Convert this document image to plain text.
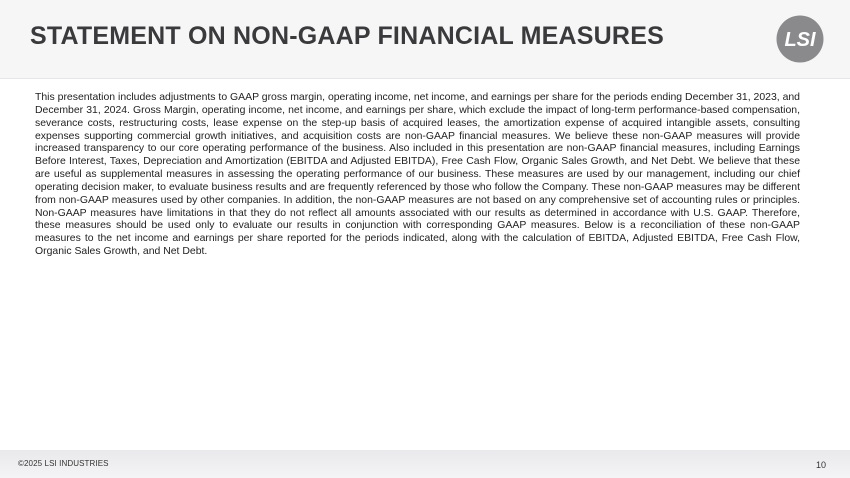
STATEMENT ON NON-GAAP FINANCIAL MEASURES	LSI

This presentation includes adjustments to GAAP gross margin, operating income, net income, and earnings per share for the periods ending December 31, 2023, and December 31, 2024. Gross Margin, operating income, net income, and earnings per share, which exclude the impact of long-term performance-based compensation, severance costs, restructuring costs, lease expense on the step-up basis of acquired leases, the amortization expense of acquired intangible assets, consulting expenses supporting commercial growth initiatives, and acquisition costs are non-GAAP financial measures. We believe these non-GAAP measures will provide increased transparency to our core operating performance of the business. Also included in this presentation are non-GAAP financial measures, including Earnings Before Interest, Taxes, Depreciation and Amortization (EBITDA and Adjusted EBITDA), Free Cash Flow, Organic Sales Growth, and Net Debt. We believe that these are useful as supplemental measures in assessing the operating performance of our business. These measures are used by our management, including our chief operating decision maker, to evaluate business results and are frequently referenced by those who follow the Company. These non-GAAP measures may be different from non-GAAP measures used by other companies. In addition, the non-GAAP measures are not based on any comprehensive set of accounting rules or principles. Non-GAAP measures have limitations in that they do not reflect all amounts associated with our results as determined in accordance with U.S. GAAP. Therefore, these measures should be used only to evaluate our results in conjunction with corresponding GAAP measures. Below is a reconciliation of these non-GAAP measures to the net income and earnings per share reported for the periods indicated, along with the calculation of EBITDA, Adjusted EBITDA, Free Cash Flow, Organic Sales Growth, and Net Debt.

©2025 LSI INDUSTRIES	10
